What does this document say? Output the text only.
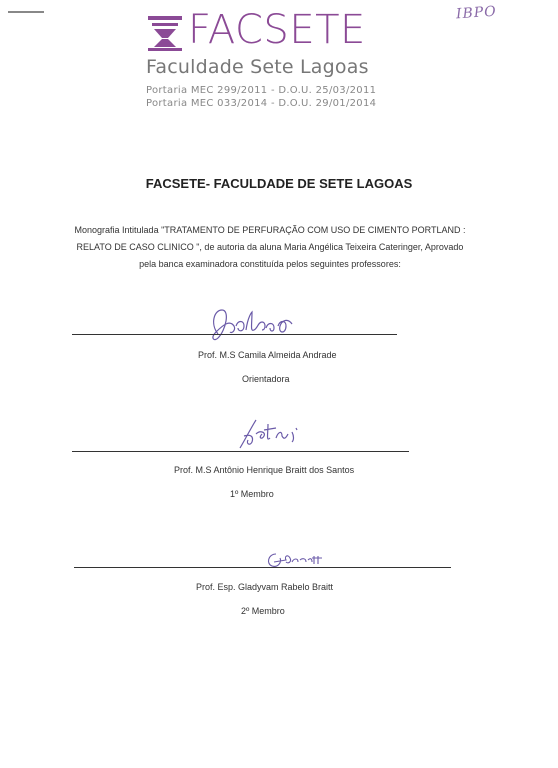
IBPO
FACSETE
Faculdade Sete Lagoas
Portaria MEC 299/2011 - D.O.U. 25/03/2011
Portaria MEC 033/2014 - D.O.U. 29/01/2014
FACSETE- FACULDADE DE SETE LAGOAS
Monografia Intitulada "TRATAMENTO DE PERFURAÇÃO COM USO DE CIMENTO PORTLAND :
RELATO DE CASO CLINICO ", de autoria da aluna Maria Angélica Teixeira Cateringer, Aprovado
pela banca examinadora constituída pelos seguintes professores:
Prof. M.S Camila Almeida Andrade
Orientadora
Prof. M.S Antônio Henrique Braitt dos Santos
1º Membro
Prof. Esp. Gladyvam Rabelo Braitt
2º Membro
